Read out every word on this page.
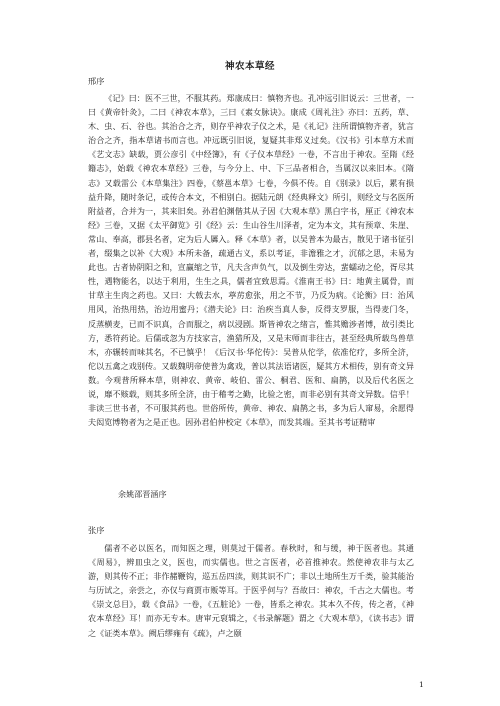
神农本草经
邢序

《记》曰：医不三世，不服其药。郑康成曰：慎物齐也。孔冲远引旧说云：三世者，一曰《黄帝针灸》，二曰《神农本草》，三曰《素女脉诀》。康成《周礼注》亦曰：五药，草、木、虫、石、谷也。其治合之齐，则存乎神农子仪之术，是《礼记》注所谓慎物齐者，犹言治合之齐，指本草诸书而言也。冲远既引旧说，复疑其非郑义过矣。《汉书》引本草方术而《艺文志》缺载，贾公彦引《中经簿》，有《子仪本草经》一卷，不言出于神农。至隋《经籍志》，始载《神农本草经》三卷，与今分上、中、下三品者相合，当属汉以来旧本。《隋志》又载雷公《本草集注》四卷，《蔡邕本草》七卷，今俱不传。自《别录》以后，累有损益升降，随时条记，或传合本文，不相别白。据陆元朗《经典释文》所引，则经文与名医所附益者，合并为一，其来旧矣。孙君伯渊偕其从子因《大观本草》黑白字书，厘正《神农本经》三卷，又据《太平御览》引《经》云：生山谷生川泽者，定为本文，其有预章、朱崖、常山、奉高，郡县名者，定为后人羼入。释《本草》者，以吴普本为最古，散见于诸书征引者，缀集之以补《大观》本所未备，疏通古义，系以考证，非澹雅之才，沉郁之思，未易为此也。古者协阴阳之和，宣赢缩之节，凡夫含声负气，以及倒生旁达，蜚蠕动之伦，胥尽其性，遇物能名，以达于利用，生生之具，儒者宜致思焉。《淮南王书》曰：地黄主属骨，而甘草主生肉之药也。又曰：大戟去水，葶苈愈张，用之不节，乃反为病。《论衡》曰：治风用风，治热用热，治边用蜜丹；《潜夫论》曰：治疾当真人参，反得支罗服，当得麦门冬，反蒸横麦，已而不识真，合而服之，病以浸剧。斯皆神农之绪言，惟其赡涉者博，故引类比方，悉符药论。后儒或忽为方技家言，渔猎所及，又是末师而非往古，甚至经典所载鸟兽草木，亦辗转而味其名，不已慎乎！《后汉书·华佗传》：吴普从佗学，依准佗疗，多所全济，佗以五禽之戏别传。又载魏明帝使普为禽戏，普以其法语诸医，疑其方术相传，别有奇文异数。今观普所释本草，则神农、黄帝、岐伯、雷公、桐君、医和、扁鹊，以及后代名医之说，靡不赅载，则其多所全济，由于稽考之勤，比验之密，而非必别有其奇文异数。信乎！非读三世书者，不可服其药也。世俗所传，黄帝、神农、扁鹊之书，多为后人窜易，余愿得夫闳览博物者为之是正也。因孙君伯仲校定《本草》，而发其端。至其书考证精审

余姚邵晋涵序
张序

儒者不必以医名，而知医之理，则莫过于儒者。春秋时，和与缓，神于医者也。其通《周易》，辨皿虫之义，医也，而实儒也。世之言医者，必首推神农。然使神农非与太乙游，则其传不正；非作赭鞭钩，巡五岳四渎，则其识不广；非以土地所生万千类，验其能治与历试之，亲尝之，亦仅与商贾市贩等耳。于医乎何与？吾故曰：神农，千古之大儒也。考《崇文总目》，载《食品》一卷，《五脏论》一卷，皆系之神农。其本久不传，传之者，《神农本草经》耳！而亦无专本。唐审元裒辑之，《书录解题》谓之《大观本草》，《读书志》谓之《证类本草》。阙后缪雍有《疏》，卢之颐

1
